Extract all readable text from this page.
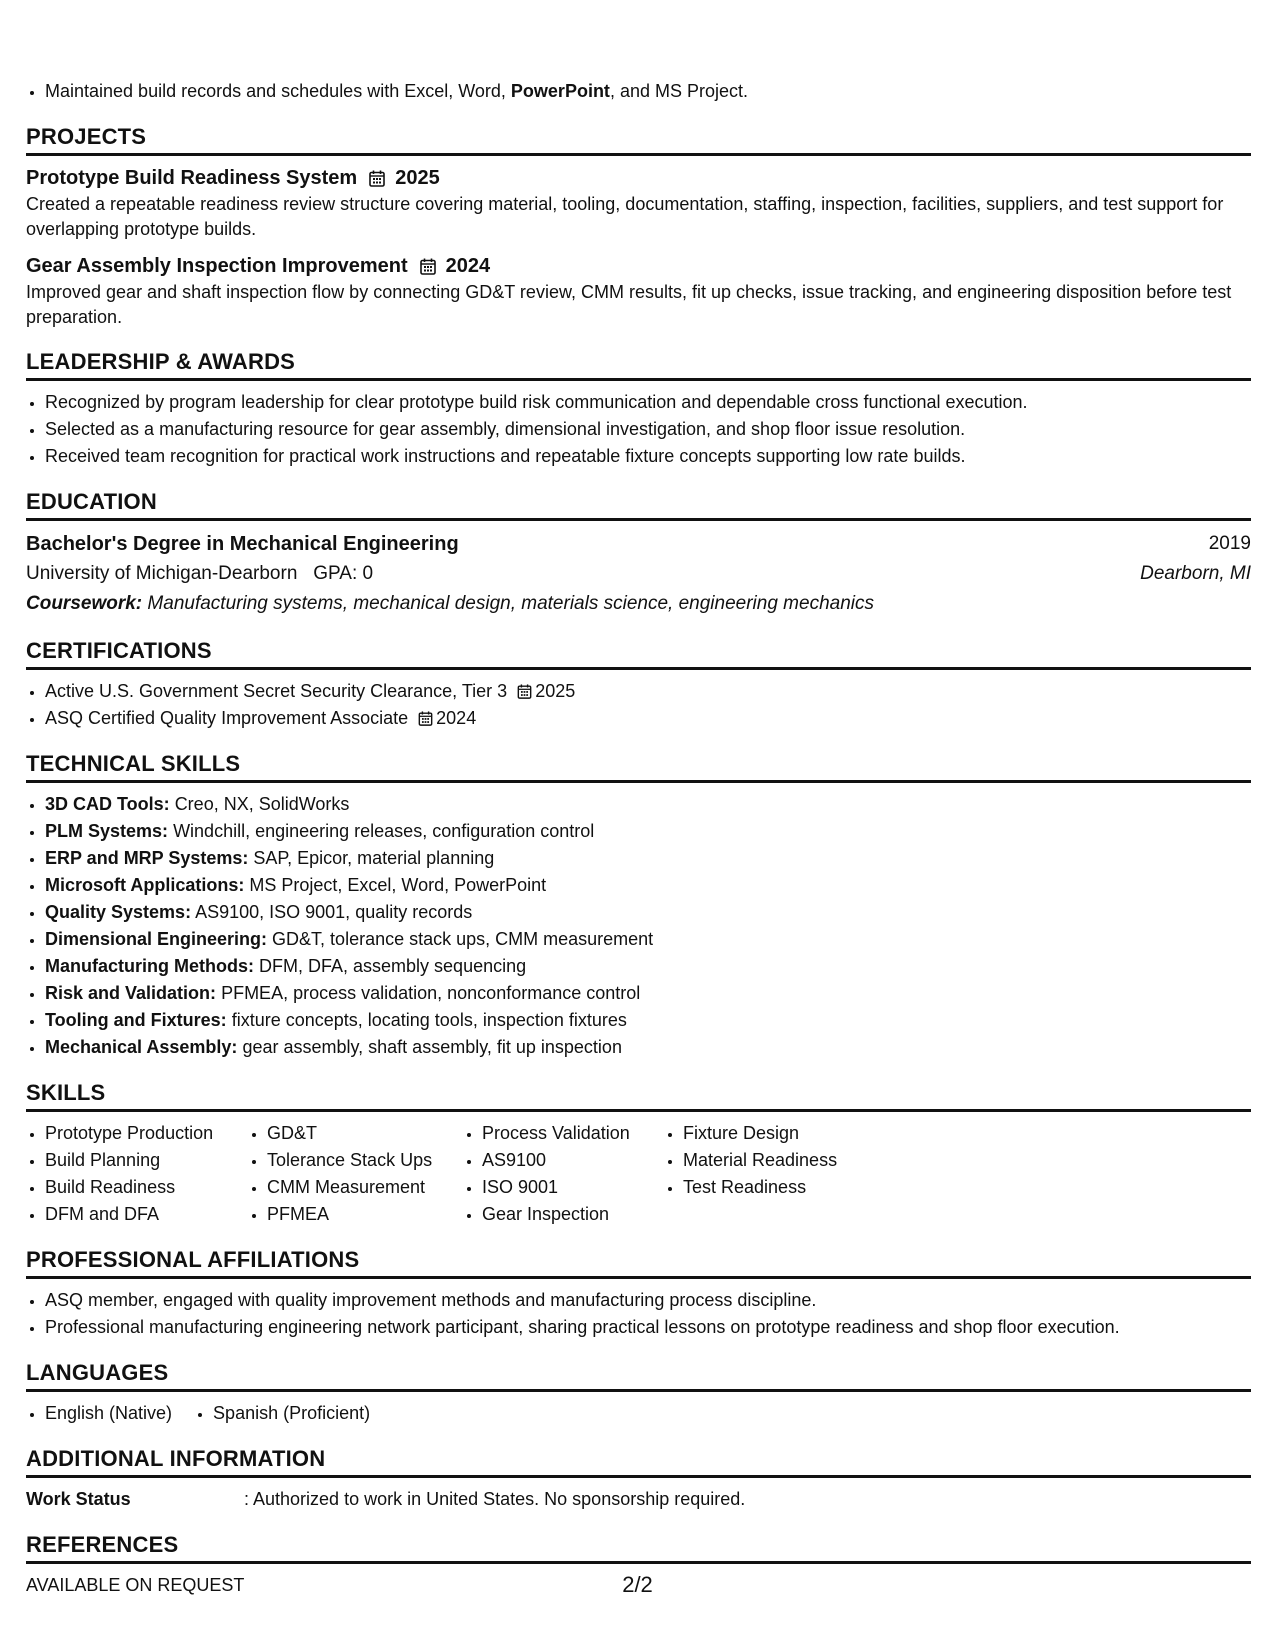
• Maintained build records and schedules with Excel, Word, PowerPoint, and MS Project.
PROJECTS
Prototype Build Readiness System 2025
Created a repeatable readiness review structure covering material, tooling, documentation, staffing, inspection, facilities, suppliers, and test support for overlapping prototype builds.
Gear Assembly Inspection Improvement 2024
Improved gear and shaft inspection flow by connecting GD&T review, CMM results, fit up checks, issue tracking, and engineering disposition before test preparation.
LEADERSHIP & AWARDS
• Recognized by program leadership for clear prototype build risk communication and dependable cross functional execution.
• Selected as a manufacturing resource for gear assembly, dimensional investigation, and shop floor issue resolution.
• Received team recognition for practical work instructions and repeatable fixture concepts supporting low rate builds.
EDUCATION
Bachelor's Degree in Mechanical Engineering	2019
University of Michigan-Dearborn GPA: 0	Dearborn, MI
Coursework: Manufacturing systems, mechanical design, materials science, engineering mechanics
CERTIFICATIONS
• Active U.S. Government Secret Security Clearance, Tier 3 2025
• ASQ Certified Quality Improvement Associate 2024
TECHNICAL SKILLS
• 3D CAD Tools: Creo, NX, SolidWorks
• PLM Systems: Windchill, engineering releases, configuration control
• ERP and MRP Systems: SAP, Epicor, material planning
• Microsoft Applications: MS Project, Excel, Word, PowerPoint
• Quality Systems: AS9100, ISO 9001, quality records
• Dimensional Engineering: GD&T, tolerance stack ups, CMM measurement
• Manufacturing Methods: DFM, DFA, assembly sequencing
• Risk and Validation: PFMEA, process validation, nonconformance control
• Tooling and Fixtures: fixture concepts, locating tools, inspection fixtures
• Mechanical Assembly: gear assembly, shaft assembly, fit up inspection
SKILLS
• Prototype Production
• Build Planning
• Build Readiness
• DFM and DFA
• GD&T
• Tolerance Stack Ups
• CMM Measurement
• PFMEA
• Process Validation
• AS9100
• ISO 9001
• Gear Inspection
• Fixture Design
• Material Readiness
• Test Readiness
PROFESSIONAL AFFILIATIONS
• ASQ member, engaged with quality improvement methods and manufacturing process discipline.
• Professional manufacturing engineering network participant, sharing practical lessons on prototype readiness and shop floor execution.
LANGUAGES
• English (Native)
• Spanish (Proficient)
ADDITIONAL INFORMATION
Work Status	: Authorized to work in United States. No sponsorship required.
REFERENCES
AVAILABLE ON REQUEST	2/2
